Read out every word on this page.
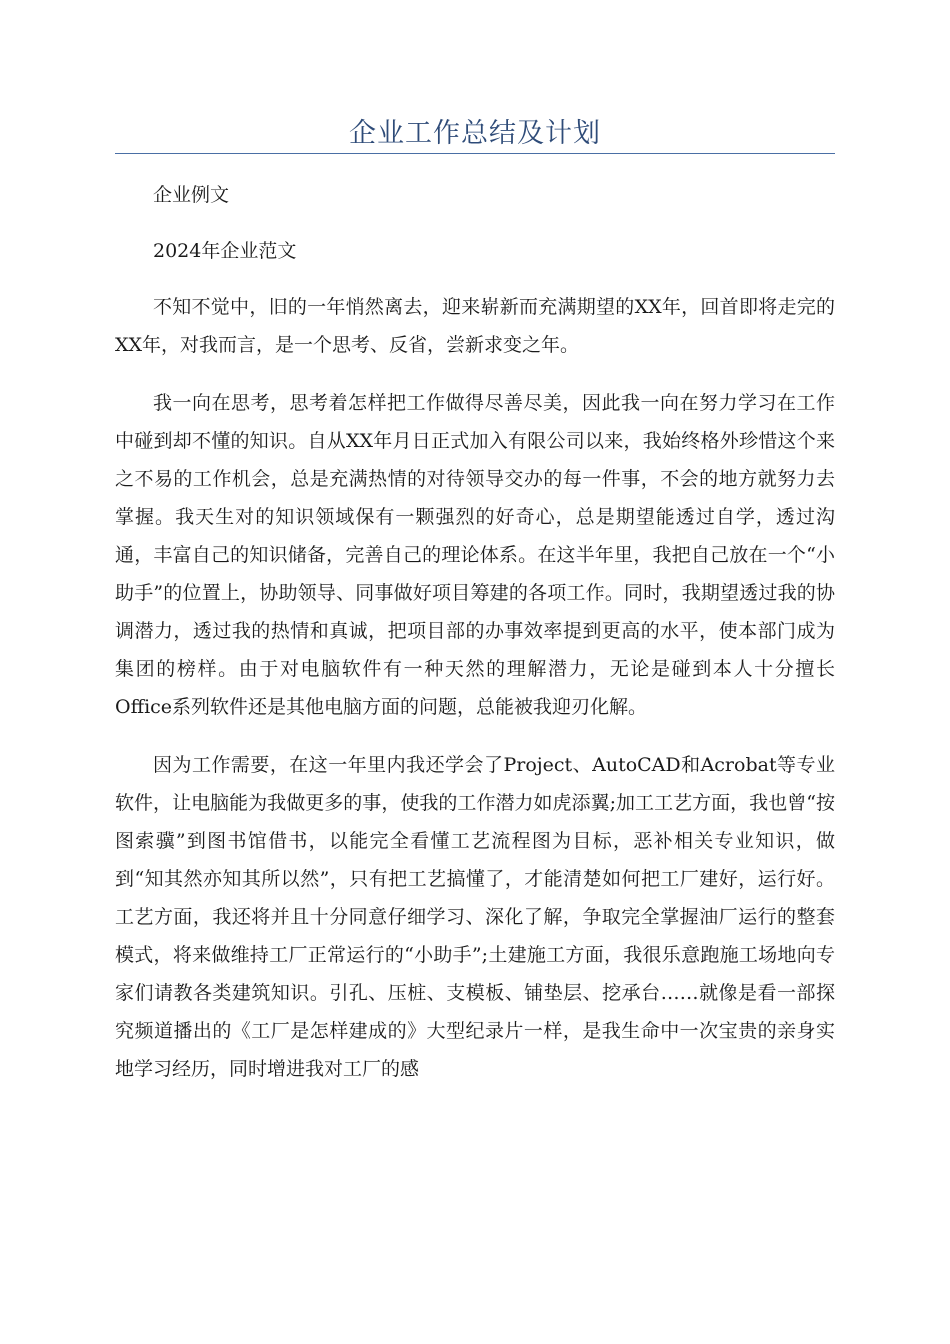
企业工作总结及计划

企业例文

2024年企业范文

不知不觉中，旧的一年悄然离去，迎来崭新而充满期望的XX年，回首即将走完的XX年，对我而言，是一个思考、反省，尝新求变之年。

我一向在思考，思考着怎样把工作做得尽善尽美，因此我一向在努力学习在工作中碰到却不懂的知识。自从XX年月日正式加入有限公司以来，我始终格外珍惜这个来之不易的工作机会，总是充满热情的对待领导交办的每一件事，不会的地方就努力去掌握。我天生对的知识领域保有一颗强烈的好奇心，总是期望能透过自学，透过沟通，丰富自己的知识储备，完善自己的理论体系。在这半年里，我把自己放在一个“小助手”的位置上，协助领导、同事做好项目筹建的各项工作。同时，我期望透过我的协调潜力，透过我的热情和真诚，把项目部的办事效率提到更高的水平，使本部门成为集团的榜样。由于对电脑软件有一种天然的理解潜力，无论是碰到本人十分擅长Office系列软件还是其他电脑方面的问题，总能被我迎刃化解。

因为工作需要，在这一年里内我还学会了Project、AutoCAD和Acrobat等专业软件，让电脑能为我做更多的事，使我的工作潜力如虎添翼;加工工艺方面，我也曾“按图索骥”到图书馆借书，以能完全看懂工艺流程图为目标，恶补相关专业知识，做到“知其然亦知其所以然”，只有把工艺搞懂了，才能清楚如何把工厂建好，运行好。工艺方面，我还将并且十分同意仔细学习、深化了解，争取完全掌握油厂运行的整套模式，将来做维持工厂正常运行的“小助手”;土建施工方面，我很乐意跑施工场地向专家们请教各类建筑知识。引孔、压桩、支模板、铺垫层、挖承台……就像是看一部探究频道播出的《工厂是怎样建成的》大型纪录片一样，是我生命中一次宝贵的亲身实地学习经历，同时增进我对工厂的感
